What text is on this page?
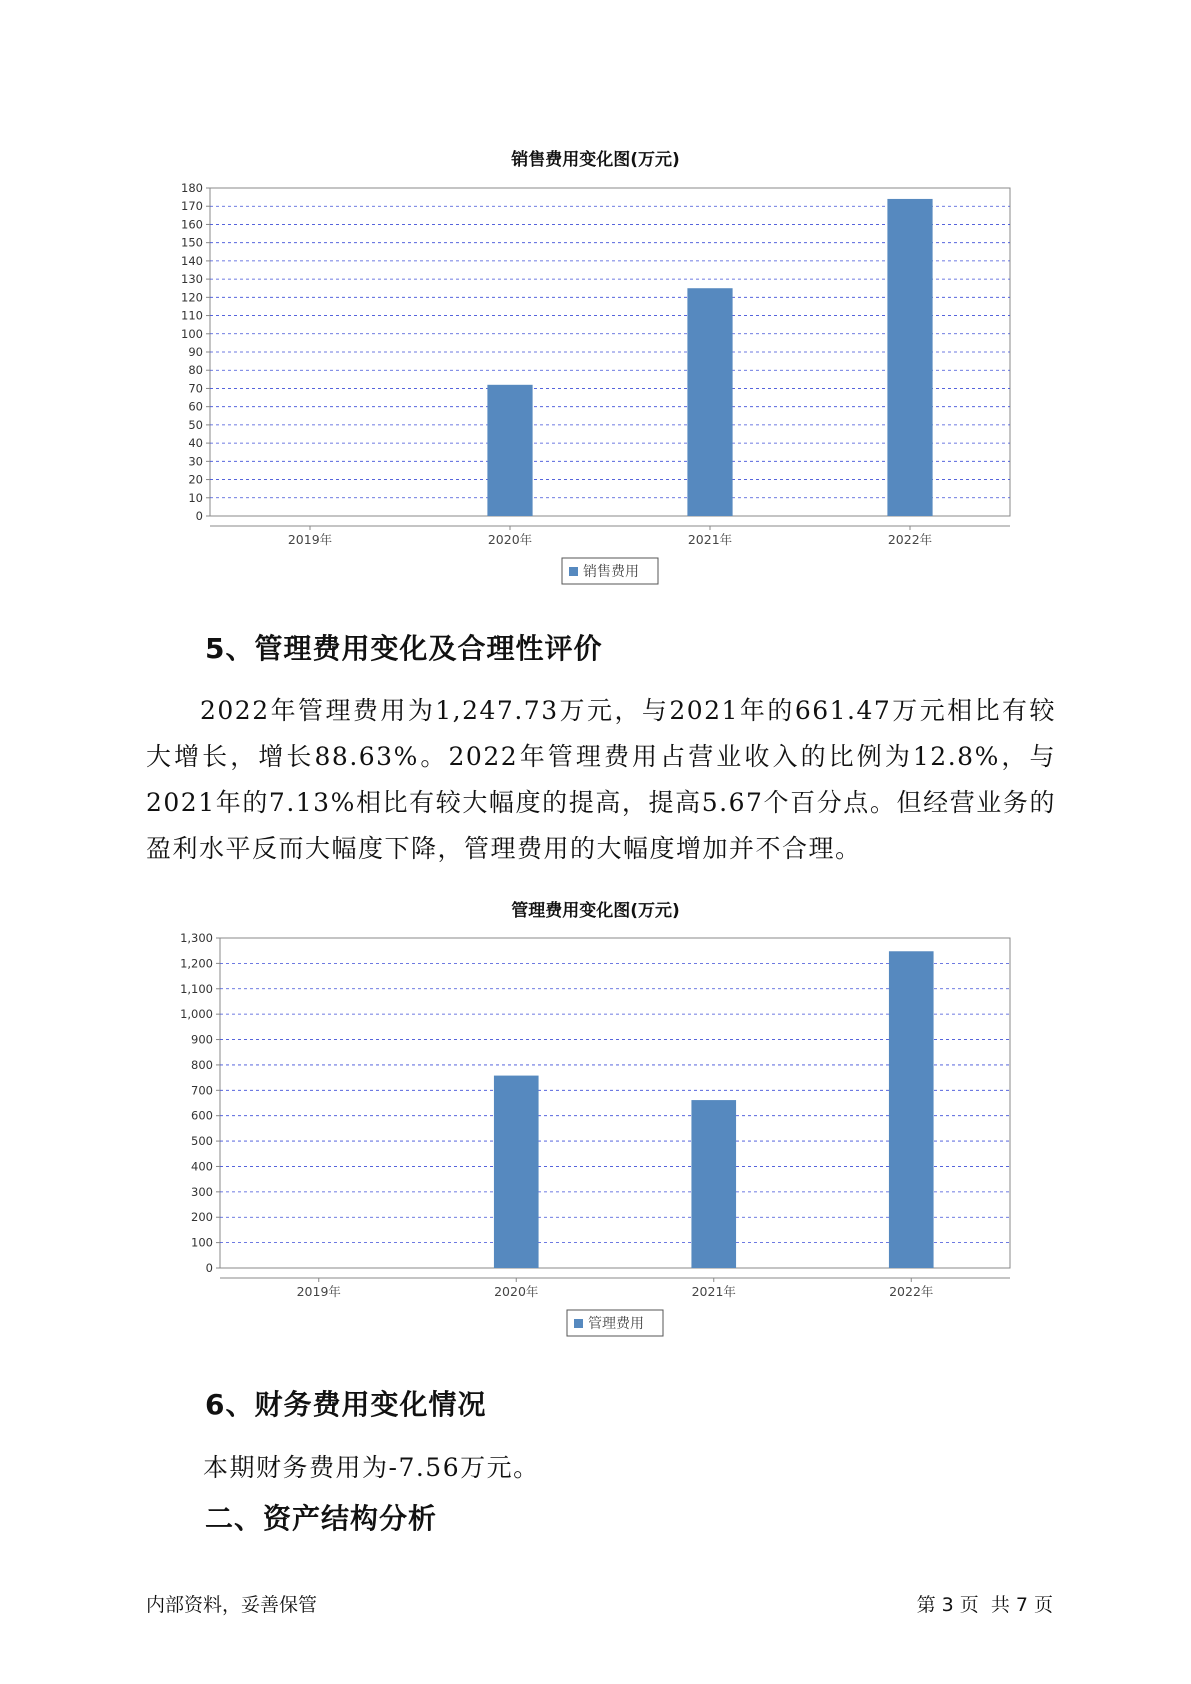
销售费用变化图(万元)
0
10
20
30
40
50
60
70
80
90
100
110
120
130
140
150
160
170
180
2019年	2020年	2021年	2022年
销售费用
5、管理费用变化及合理性评价
2022年管理费用为1,247.73万元，与2021年的661.47万元相比有较大增长，增长88.63%。2022年管理费用占营业收入的比例为12.8%，与2021年的7.13%相比有较大幅度的提高，提高5.67个百分点。但经营业务的盈利水平反而大幅度下降，管理费用的大幅度增加并不合理。
管理费用变化图(万元)
0
100
200
300
400
500
600
700
800
900
1,000
1,100
1,200
1,300
2019年	2020年	2021年	2022年
管理费用
6、财务费用变化情况
本期财务费用为-7.56万元。
二、资产结构分析
内部资料，妥善保管	第 3 页  共 7 页
